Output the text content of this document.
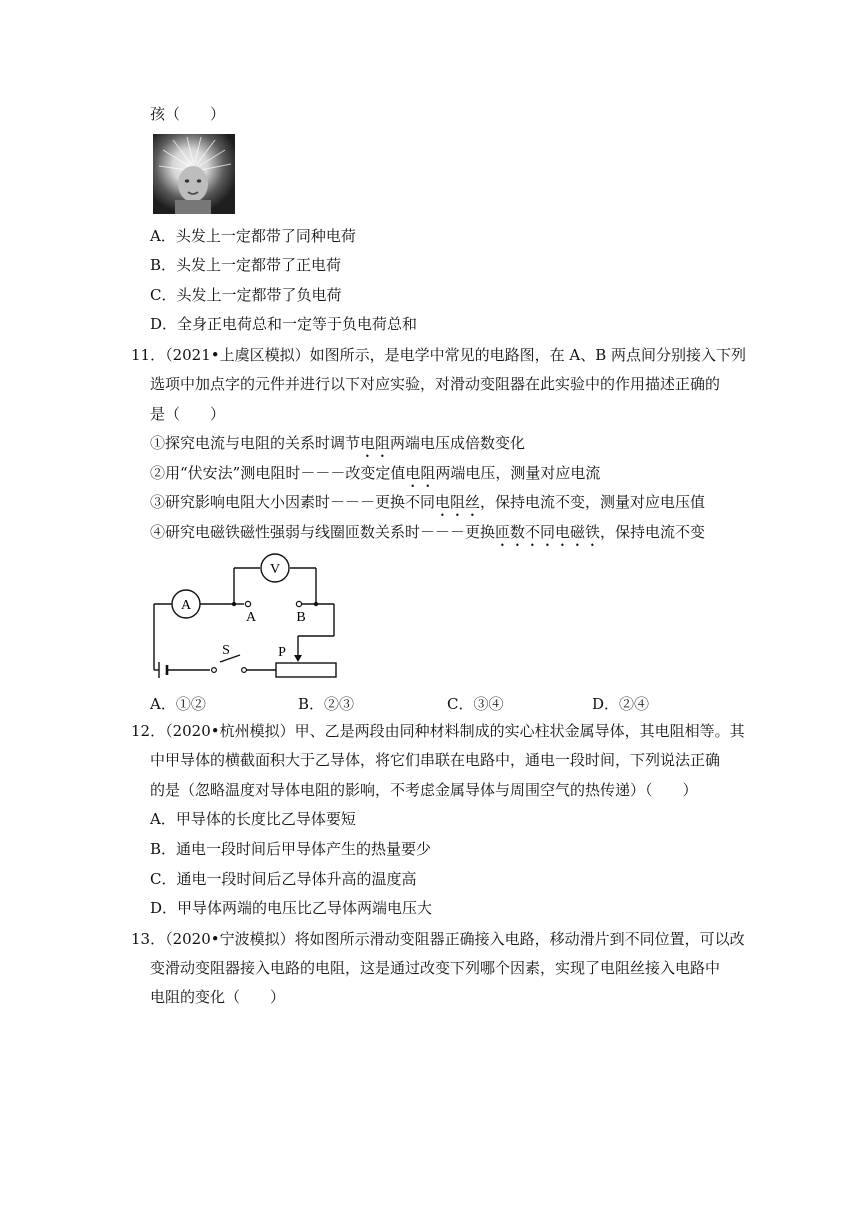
孩（　　）
A．头发上一定都带了同种电荷
B．头发上一定都带了正电荷
C．头发上一定都带了负电荷
D．全身正电荷总和一定等于负电荷总和
11．（2021•上虞区模拟）如图所示，是电学中常见的电路图，在 A、B 两点间分别接入下列
选项中加点字的元件并进行以下对应实验，对滑动变阻器在此实验中的作用描述正确的
是（　　）
①探究电流与电阻的关系时调节电阻两端电压成倍数变化
②用“伏安法”测电阻时－－－改变定值电阻两端电压，测量对应电流
③研究影响电阻大小因素时－－－更换不同电阻丝，保持电流不变，测量对应电压值
④研究电磁铁磁性强弱与线圈匝数关系时－－－更换匝数不同电磁铁，保持电流不变
A
V
A	B
S	P
A．①②	B．②③	C．③④	D．②④
12．（2020•杭州模拟）甲、乙是两段由同种材料制成的实心柱状金属导体，其电阻相等。其
中甲导体的横截面积大于乙导体，将它们串联在电路中，通电一段时间，下列说法正确
的是（忽略温度对导体电阻的影响，不考虑金属导体与周围空气的热传递）（　　）
A．甲导体的长度比乙导体要短
B．通电一段时间后甲导体产生的热量要少
C．通电一段时间后乙导体升高的温度高
D．甲导体两端的电压比乙导体两端电压大
13．（2020•宁波模拟）将如图所示滑动变阻器正确接入电路，移动滑片到不同位置，可以改
变滑动变阻器接入电路的电阻，这是通过改变下列哪个因素，实现了电阻丝接入电路中
电阻的变化（　　）
